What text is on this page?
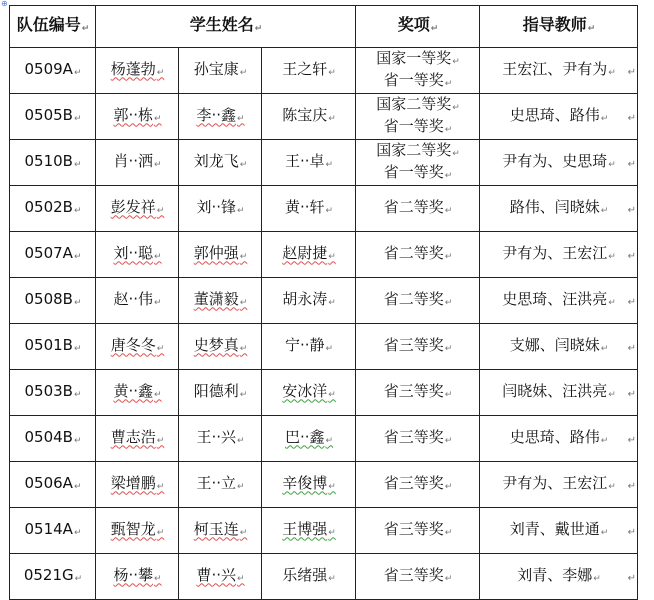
⊕
队伍编号 ↵	学生姓名 ↵			奖项 ↵	指导教师 ↵
0509A ↵	杨蓬勃 ↵	孙宝康 ↵	王之轩 ↵	国家一等奖 ↵
省一等奖 ↵	王宏江、尹有为 ↵ ↵

0505B ↵	郭··栋 ↵	李··鑫 ↵	陈宝庆 ↵	国家二等奖 ↵
省一等奖 ↵	史思琦、路伟 ↵ ↵

0510B ↵	肖··洒 ↵	刘龙飞 ↵	王··卓 ↵	国家二等奖 ↵
省一等奖 ↵	尹有为、史思琦 ↵ ↵

0502B ↵	彭发祥 ↵	刘··锋 ↵	黄··轩 ↵	省二等奖 ↵	路伟、闫晓妹 ↵ ↵

0507A ↵	刘··聪 ↵	郭仲强 ↵	赵尉捷 ↵	省二等奖 ↵	尹有为、王宏江 ↵ ↵

0508B ↵	赵··伟 ↵	董潇毅 ↵	胡永涛 ↵	省二等奖 ↵	史思琦、汪洪亮 ↵ ↵

0501B ↵	唐冬冬 ↵	史梦真 ↵	宁··静 ↵	省三等奖 ↵	支娜、闫晓妹 ↵ ↵

0503B ↵	黄··鑫 ↵	阳德利 ↵	安冰洋 ↵	省三等奖 ↵	闫晓妹、汪洪亮 ↵ ↵

0504B ↵	曹志浩 ↵	王··兴 ↵	巴··鑫 ↵	省三等奖 ↵	史思琦、路伟 ↵ ↵

0506A ↵	梁增鹏 ↵	王··立 ↵	辛俊博 ↵	省三等奖 ↵	尹有为、王宏江 ↵ ↵

0514A ↵	甄智龙 ↵	柯玉连 ↵	王博强 ↵	省三等奖 ↵	刘青、戴世通 ↵ ↵

0521G ↵	杨··攀 ↵	曹··兴 ↵	乐绪强 ↵	省三等奖 ↵	刘青、李娜 ↵ ↵
